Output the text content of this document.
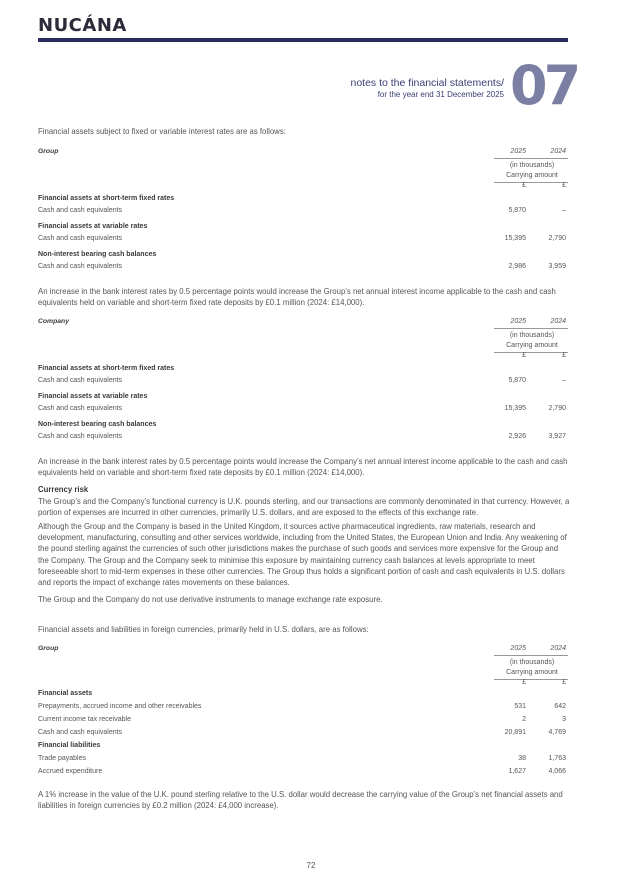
NUCÁNA
notes to the financial statements/
for the year end 31 December 2025 07
Financial assets subject to fixed or variable interest rates are as follows:
Group	2025	2024
(in thousands)
Carrying amount
£	£
Financial assets at short-term fixed rates
Cash and cash equivalents	5,870	–
Financial assets at variable rates
Cash and cash equivalents	15,395	2,790
Non-interest bearing cash balances
Cash and cash equivalents	2,986	3,959
An increase in the bank interest rates by 0.5 percentage points would increase the Group’s net annual interest income applicable to the cash and cash equivalents held on variable and short-term fixed rate deposits by £0.1 million (2024: £14,000).
Company	2025	2024
(in thousands)
Carrying amount
£	£
Financial assets at short-term fixed rates
Cash and cash equivalents	5,870	–
Financial assets at variable rates
Cash and cash equivalents	15,395	2,790
Non-interest bearing cash balances
Cash and cash equivalents	2,926	3,927
An increase in the bank interest rates by 0.5 percentage points would increase the Company’s net annual interest income applicable to the cash and cash equivalents held on variable and short-term fixed rate deposits by £0.1 million (2024: £14,000).
Currency risk
The Group’s and the Company’s functional currency is U.K. pounds sterling, and our transactions are commonly denominated in that currency. However, a portion of expenses are incurred in other currencies, primarily U.S. dollars, and are exposed to the effects of this exchange rate.
Although the Group and the Company is based in the United Kingdom, it sources active pharmaceutical ingredients, raw materials, research and development, manufacturing, consulting and other services worldwide, including from the United States, the European Union and India. Any weakening of the pound sterling against the currencies of such other jurisdictions makes the purchase of such goods and services more expensive for the Group and the Company. The Group and the Company seek to minimise this exposure by maintaining currency cash balances at levels appropriate to meet foreseeable short to mid-term expenses in these other currencies. The Group thus holds a significant portion of cash and cash equivalents in U.S. dollars and reports the impact of exchange rates movements on these balances.
The Group and the Company do not use derivative instruments to manage exchange rate exposure.
Financial assets and liabilities in foreign currencies, primarily held in U.S. dollars, are as follows:
Group	2025	2024
(in thousands)
Carrying amount
£	£
Financial assets
Prepayments, accrued income and other receivables	531	642
Current income tax receivable	2	3
Cash and cash equivalents	20,891	4,769
Financial liabilities
Trade payables	38	1,763
Accrued expenditure	1,627	4,066
A 1% increase in the value of the U.K. pound sterling relative to the U.S. dollar would decrease the carrying value of the Group’s net financial assets and liabilities in foreign currencies by £0.2 million (2024: £4,000 increase).
72
